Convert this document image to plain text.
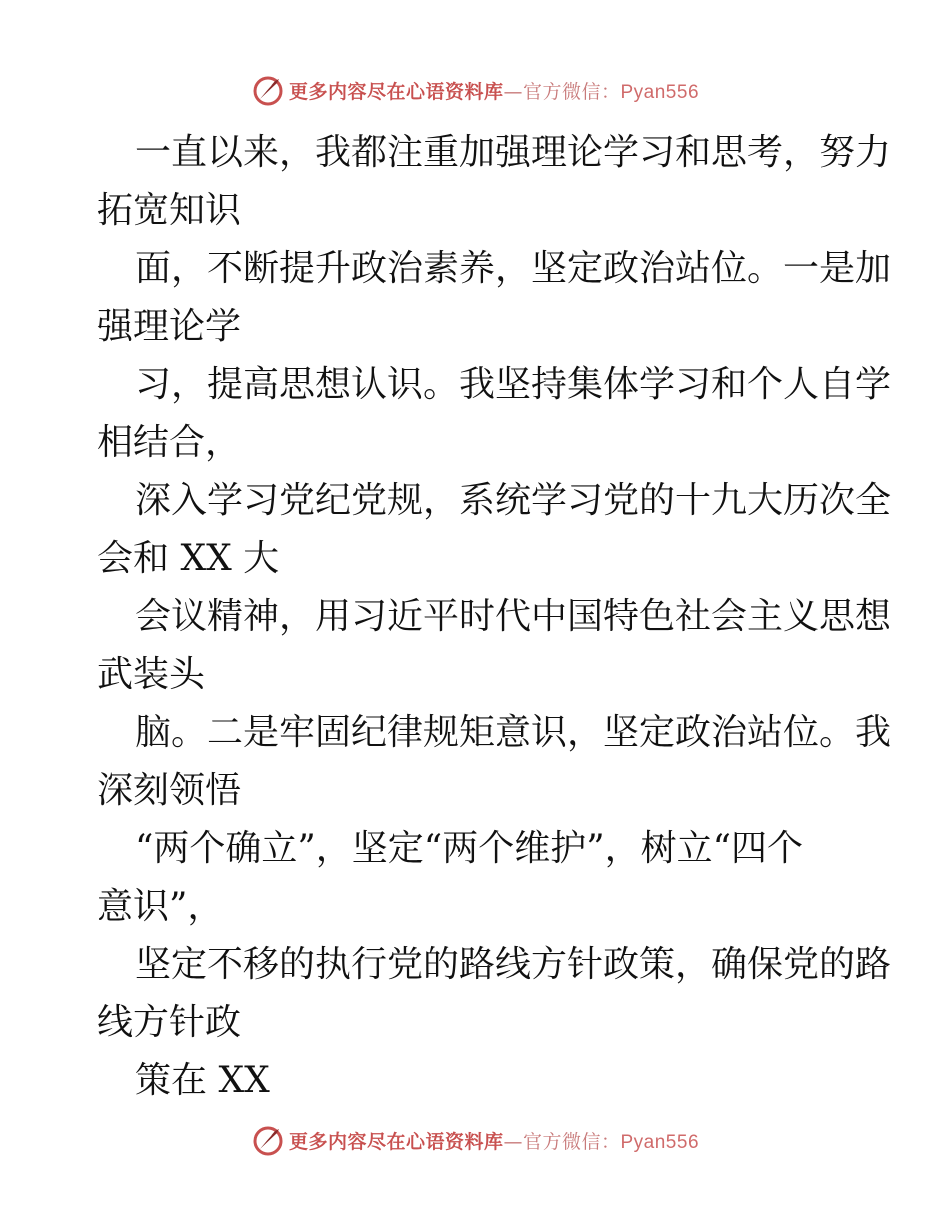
更多内容尽在心语资料库—官方微信：Pyan556
一直以来，我都注重加强理论学习和思考，努力
拓宽知识
面，不断提升政治素养，坚定政治站位。一是加
强理论学
习，提高思想认识。我坚持集体学习和个人自学
相结合，
深入学习党纪党规，系统学习党的十九大历次全
会和 XX 大
会议精神，用习近平时代中国特色社会主义思想
武装头
脑。二是牢固纪律规矩意识，坚定政治站位。我
深刻领悟
“两个确立”，坚定“两个维护”，树立“四个
意识”，
坚定不移的执行党的路线方针政策，确保党的路
线方针政
策在 XX
更多内容尽在心语资料库—官方微信：Pyan556
